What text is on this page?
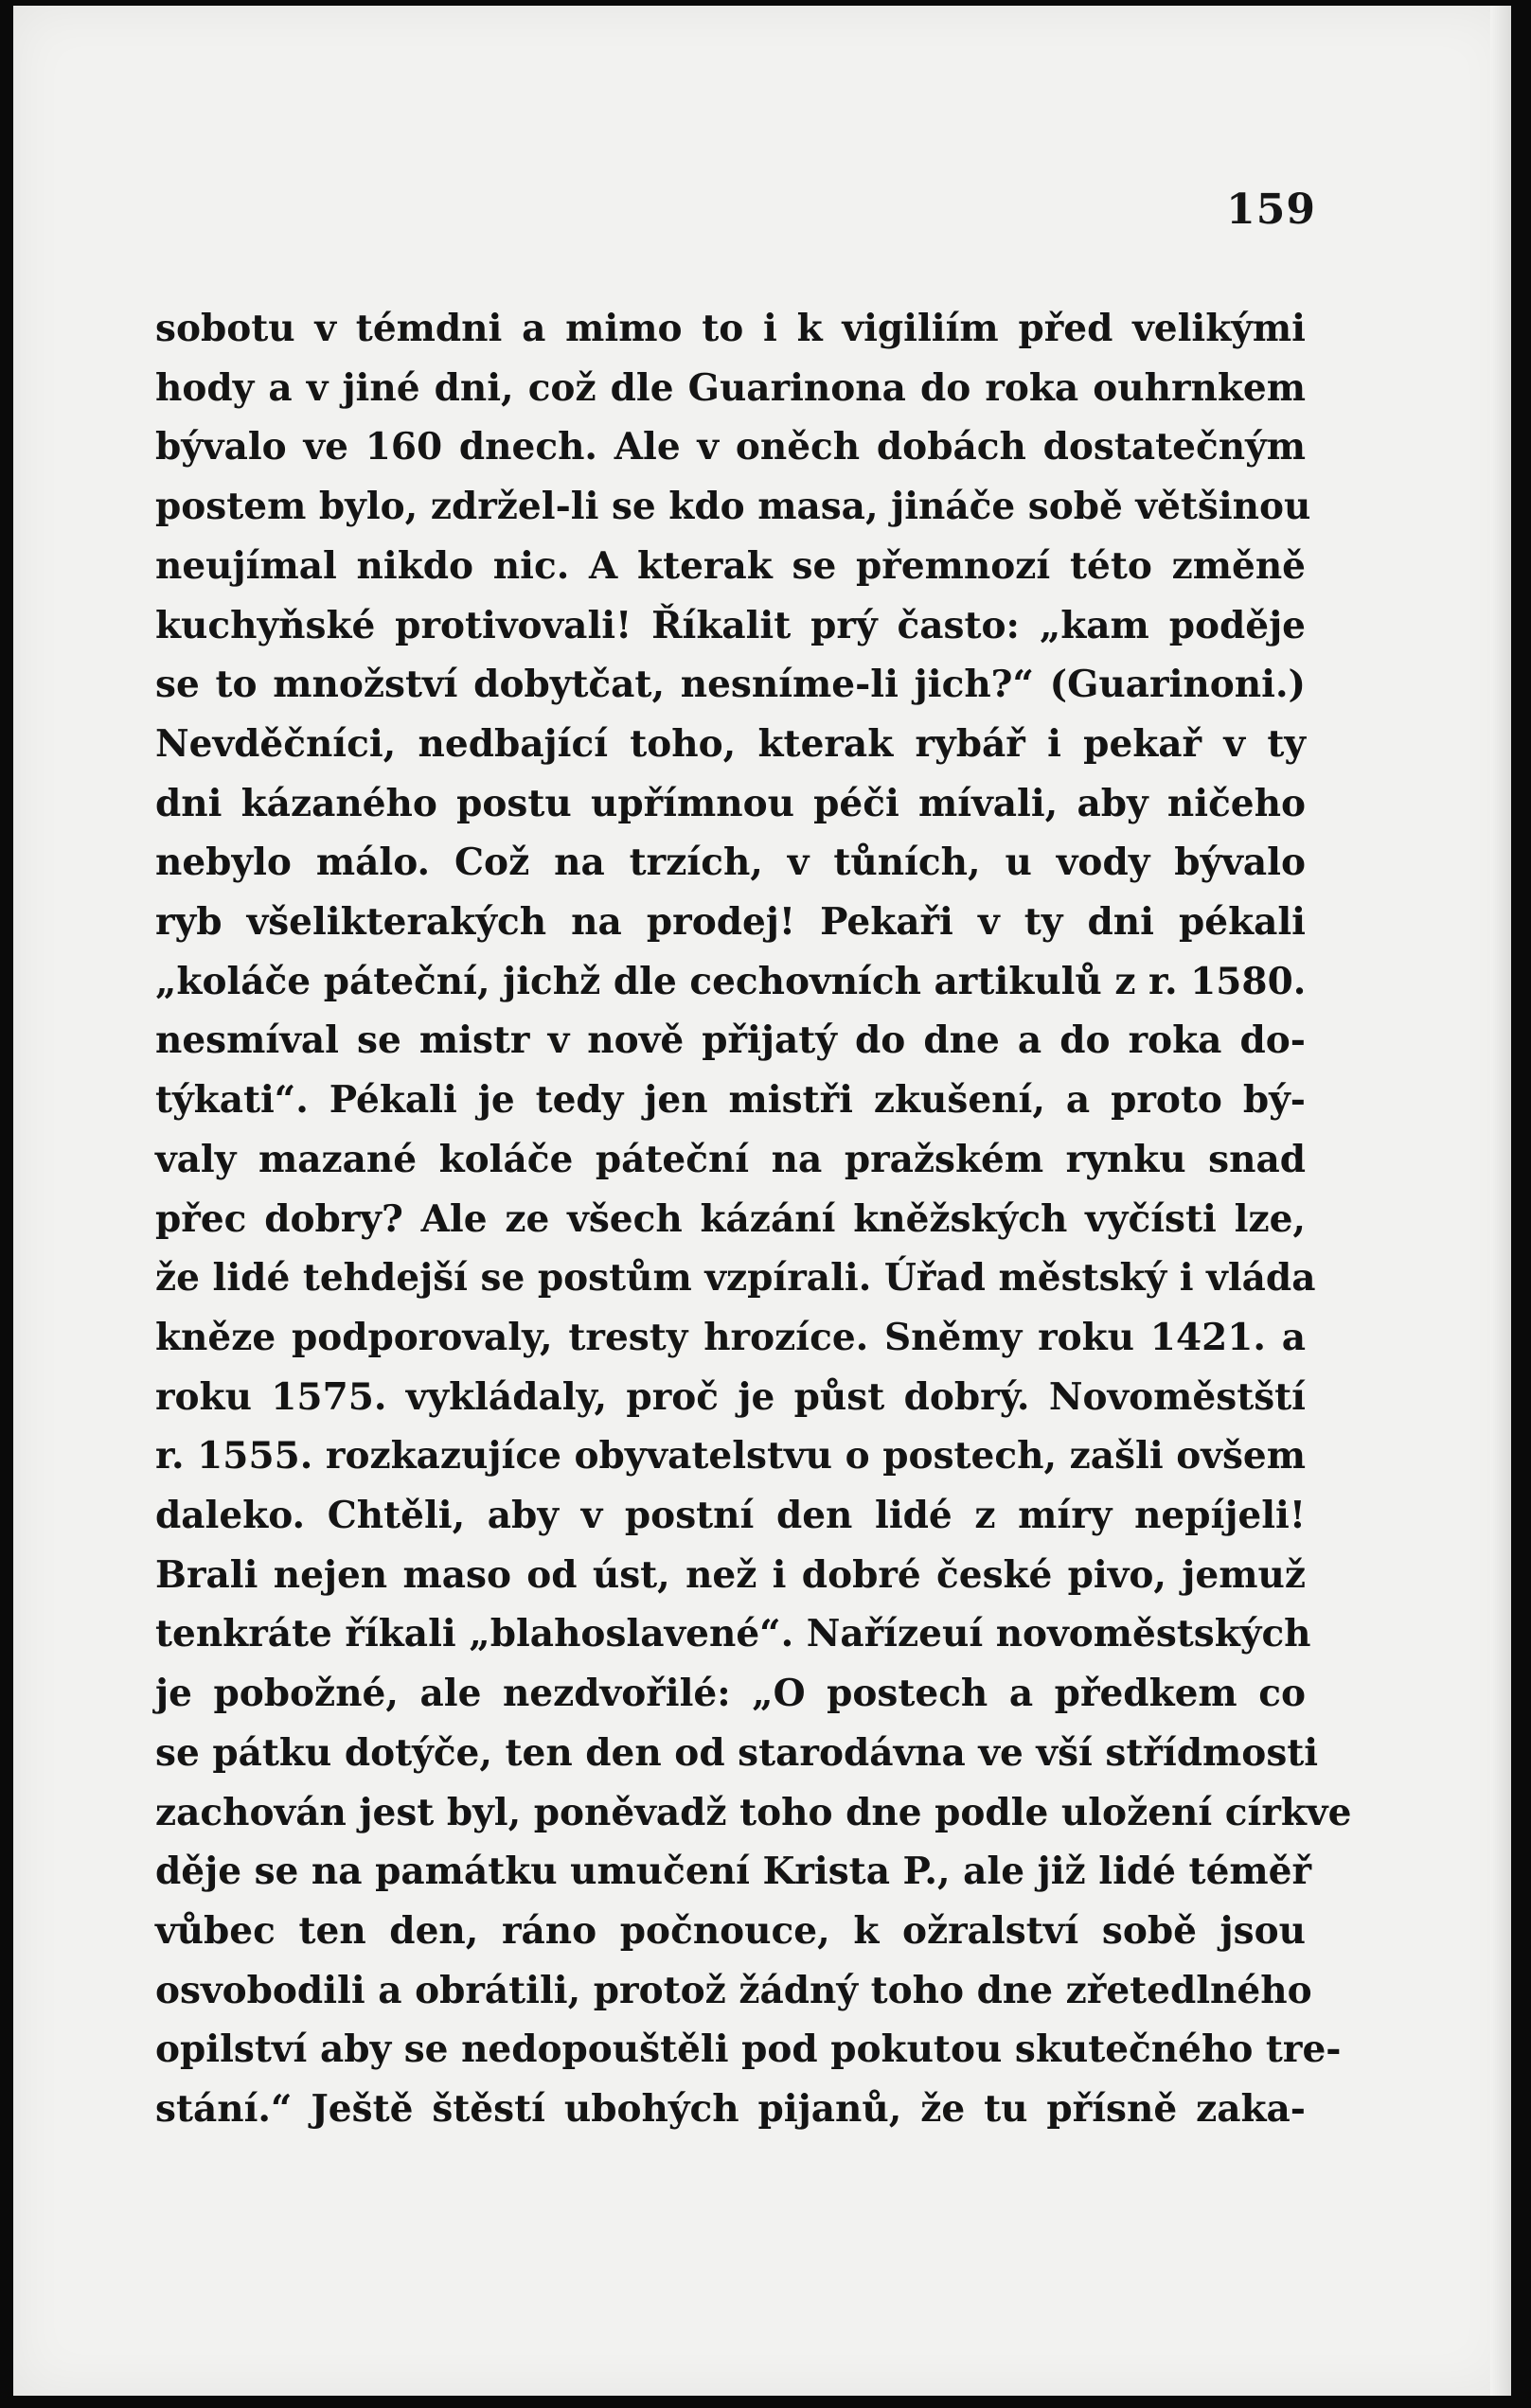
159
sobotu v témdni a mimo to i k vigiliím před velikými
hody a v jiné dni, což dle Guarinona do roka ouhrnkem
bývalo ve 160 dnech. Ale v oněch dobách dostatečným
postem bylo, zdržel-li se kdo masa, jináče sobě většinou
neujímal nikdo nic. A kterak se přemnozí této změně
kuchyňské protivovali! Říkalit prý často: „kam poděje
se to množství dobytčat, nesníme-li jich?“ (Guarinoni.)
Nevděčníci, nedbající toho, kterak rybář i pekař v ty
dni kázaného postu upřímnou péči mívali, aby ničeho
nebylo málo. Což na trzích, v tůních, u vody bývalo
ryb všelikterakých na prodej! Pekaři v ty dni pékali
„koláče páteční, jichž dle cechovních artikulů z r. 1580.
nesmíval se mistr v nově přijatý do dne a do roka do-
týkati“. Pékali je tedy jen mistři zkušení, a proto bý-
valy mazané koláče páteční na pražském rynku snad
přec dobry? Ale ze všech kázání kněžských vyčísti lze,
že lidé tehdejší se postům vzpírali. Úřad městský i vláda
kněze podporovaly, tresty hrozíce. Sněmy roku 1421. a
roku 1575. vykládaly, proč je půst dobrý. Novoměstští
r. 1555. rozkazujíce obyvatelstvu o postech, zašli ovšem
daleko. Chtěli, aby v postní den lidé z míry nepíjeli!
Brali nejen maso od úst, než i dobré české pivo, jemuž
tenkráte říkali „blahoslavené“. Nařízeuí novoměstských
je pobožné, ale nezdvořilé: „O postech a předkem co
se pátku dotýče, ten den od starodávna ve vší střídmosti
zachován jest byl, poněvadž toho dne podle uložení církve
děje se na památku umučení Krista P., ale již lidé téměř
vůbec ten den, ráno počnouce, k ožralství sobě jsou
osvobodili a obrátili, protož žádný toho dne zřetedlného
opilství aby se nedopouštěli pod pokutou skutečného tre-
stání.“ Ještě štěstí ubohých pijanů, že tu přísně zaka-
